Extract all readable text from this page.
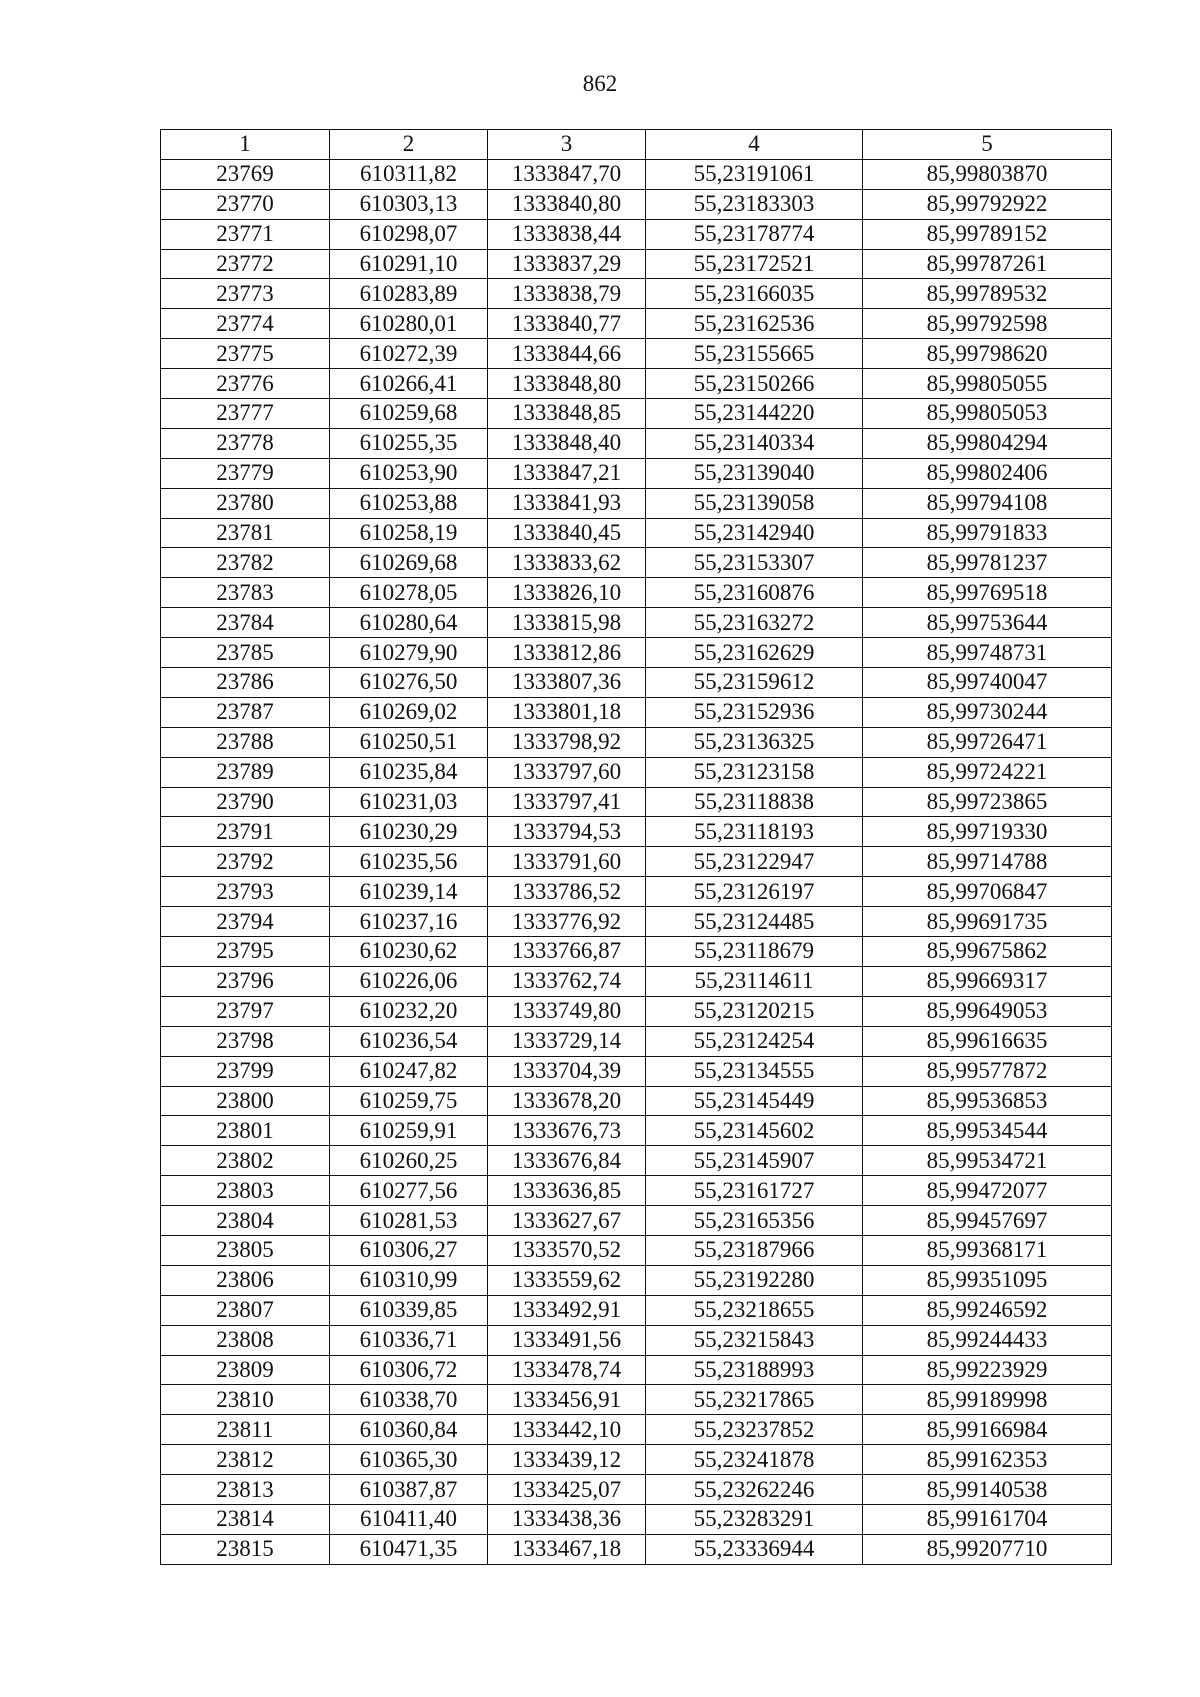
862
1	2	3	4	5
23769	610311,82	1333847,70	55,23191061	85,99803870
23770	610303,13	1333840,80	55,23183303	85,99792922
23771	610298,07	1333838,44	55,23178774	85,99789152
23772	610291,10	1333837,29	55,23172521	85,99787261
23773	610283,89	1333838,79	55,23166035	85,99789532
23774	610280,01	1333840,77	55,23162536	85,99792598
23775	610272,39	1333844,66	55,23155665	85,99798620
23776	610266,41	1333848,80	55,23150266	85,99805055
23777	610259,68	1333848,85	55,23144220	85,99805053
23778	610255,35	1333848,40	55,23140334	85,99804294
23779	610253,90	1333847,21	55,23139040	85,99802406
23780	610253,88	1333841,93	55,23139058	85,99794108
23781	610258,19	1333840,45	55,23142940	85,99791833
23782	610269,68	1333833,62	55,23153307	85,99781237
23783	610278,05	1333826,10	55,23160876	85,99769518
23784	610280,64	1333815,98	55,23163272	85,99753644
23785	610279,90	1333812,86	55,23162629	85,99748731
23786	610276,50	1333807,36	55,23159612	85,99740047
23787	610269,02	1333801,18	55,23152936	85,99730244
23788	610250,51	1333798,92	55,23136325	85,99726471
23789	610235,84	1333797,60	55,23123158	85,99724221
23790	610231,03	1333797,41	55,23118838	85,99723865
23791	610230,29	1333794,53	55,23118193	85,99719330
23792	610235,56	1333791,60	55,23122947	85,99714788
23793	610239,14	1333786,52	55,23126197	85,99706847
23794	610237,16	1333776,92	55,23124485	85,99691735
23795	610230,62	1333766,87	55,23118679	85,99675862
23796	610226,06	1333762,74	55,23114611	85,99669317
23797	610232,20	1333749,80	55,23120215	85,99649053
23798	610236,54	1333729,14	55,23124254	85,99616635
23799	610247,82	1333704,39	55,23134555	85,99577872
23800	610259,75	1333678,20	55,23145449	85,99536853
23801	610259,91	1333676,73	55,23145602	85,99534544
23802	610260,25	1333676,84	55,23145907	85,99534721
23803	610277,56	1333636,85	55,23161727	85,99472077
23804	610281,53	1333627,67	55,23165356	85,99457697
23805	610306,27	1333570,52	55,23187966	85,99368171
23806	610310,99	1333559,62	55,23192280	85,99351095
23807	610339,85	1333492,91	55,23218655	85,99246592
23808	610336,71	1333491,56	55,23215843	85,99244433
23809	610306,72	1333478,74	55,23188993	85,99223929
23810	610338,70	1333456,91	55,23217865	85,99189998
23811	610360,84	1333442,10	55,23237852	85,99166984
23812	610365,30	1333439,12	55,23241878	85,99162353
23813	610387,87	1333425,07	55,23262246	85,99140538
23814	610411,40	1333438,36	55,23283291	85,99161704
23815	610471,35	1333467,18	55,23336944	85,99207710
